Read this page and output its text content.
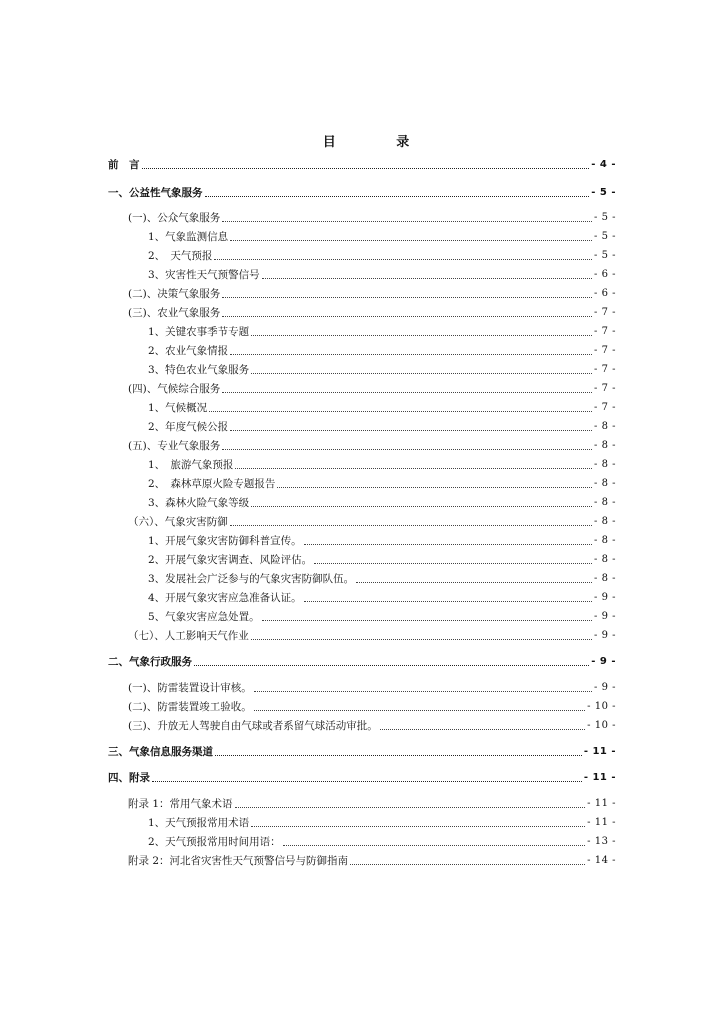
目 录
前　言	- 4 -
一、公益性气象服务	- 5 -
(一)、公众气象服务	- 5 -
1、气象监测信息	- 5 -
2、　天气预报	- 5 -
3、灾害性天气预警信号	- 6 -
(二)、决策气象服务	- 6 -
(三)、农业气象服务	- 7 -
1、关键农事季节专题	- 7 -
2、农业气象情报	- 7 -
3、特色农业气象服务	- 7 -
(四)、气候综合服务	- 7 -
1、气候概况	- 7 -
2、年度气候公报	- 8 -
(五)、专业气象服务	- 8 -
1、　旅游气象预报	- 8 -
2、　森林草原火险专题报告	- 8 -
3、森林火险气象等级	- 8 -
（六）、气象灾害防御	- 8 -
1、开展气象灾害防御科普宣传。	- 8 -
2、开展气象灾害调查、风险评估。	- 8 -
3、发展社会广泛参与的气象灾害防御队伍。	- 8 -
4、开展气象灾害应急准备认证。	- 9 -
5、气象灾害应急处置。	- 9 -
（七）、人工影响天气作业	- 9 -
二、气象行政服务	- 9 -
(一)、防雷装置设计审核。	- 9 -
(二)、防雷装置竣工验收。	- 10 -
(三)、升放无人驾驶自由气球或者系留气球活动审批。	- 10 -
三、气象信息服务渠道	- 11 -
四、附录	- 11 -
附录 1：常用气象术语	- 11 -
1、天气预报常用术语	- 11 -
2、天气预报常用时间用语：	- 13 -
附录 2：河北省灾害性天气预警信号与防御指南	- 14 -
